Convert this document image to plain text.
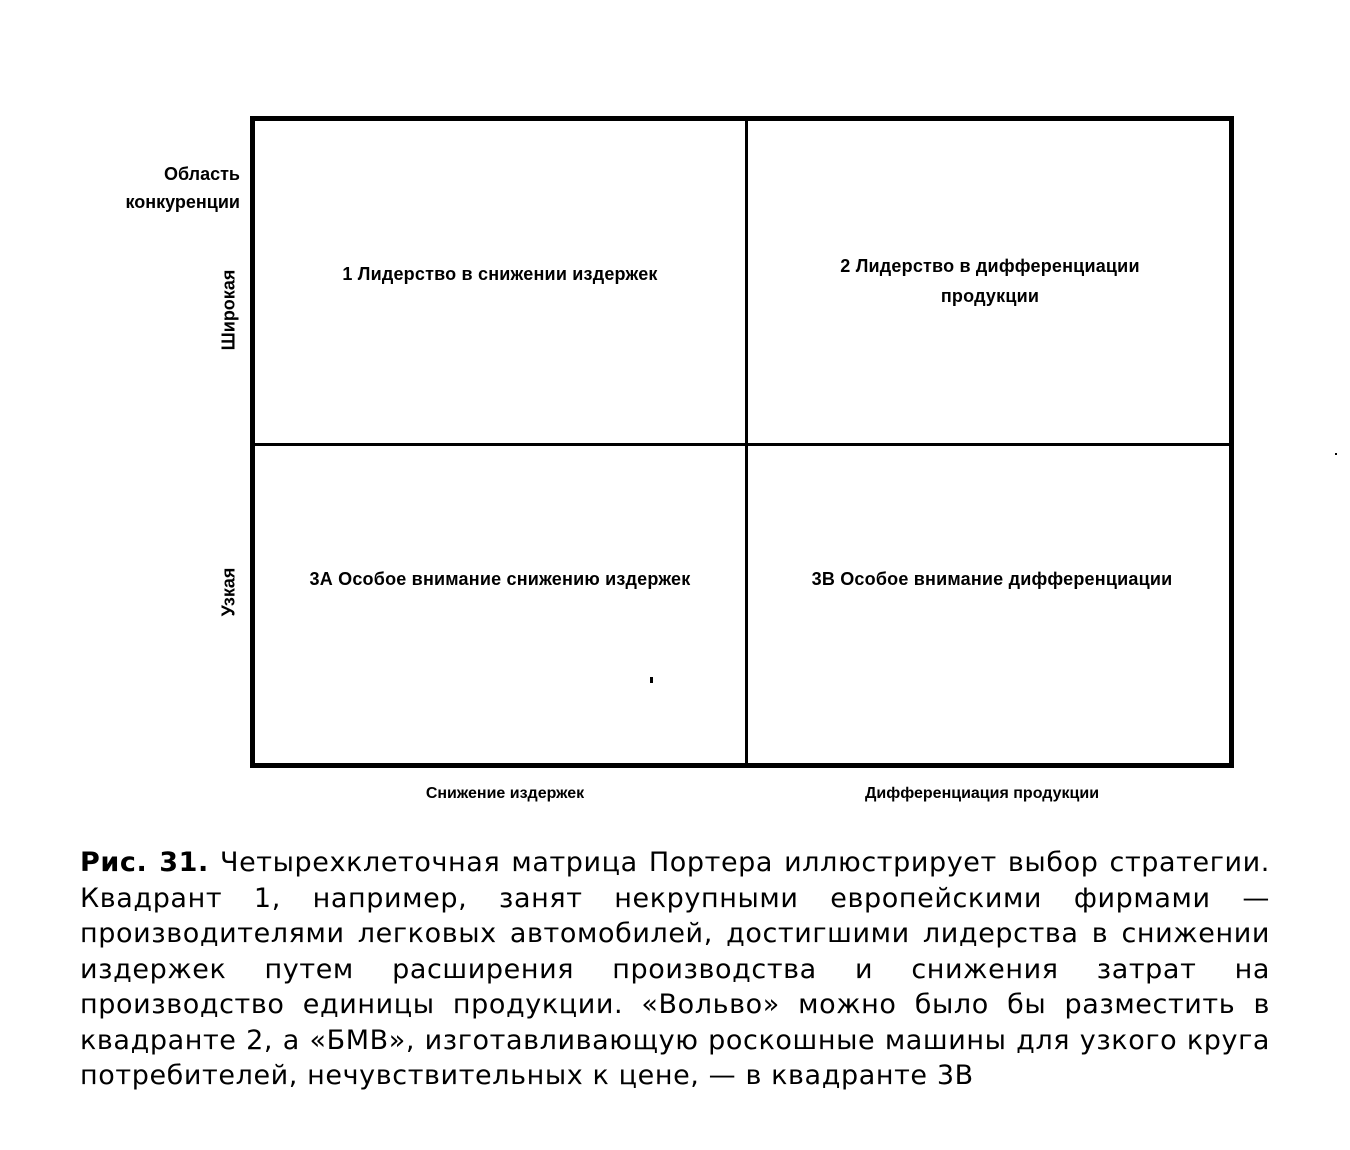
Область конкуренции
Широкая
Узкая
1 Лидерство в снижении издержек	2 Лидерство в дифференциации продукции
3А Особое внимание снижению издержек	3В Особое внимание дифференциации
Снижение издержек	Дифференциация продукции
Рис. 31. Четырехклеточная матрица Портера иллюстрирует выбор стратегии. Квадрант 1, например, занят некрупными европейскими фирмами — производителями легковых автомобилей, достигшими лидерства в снижении издержек путем расширения производства и снижения затрат на производство единицы продукции. «Вольво» можно было бы разместить в квадранте 2, а «БМВ», изготавливающую роскошные машины для узкого круга потребителей, нечувствительных к цене, — в квадранте 3В
